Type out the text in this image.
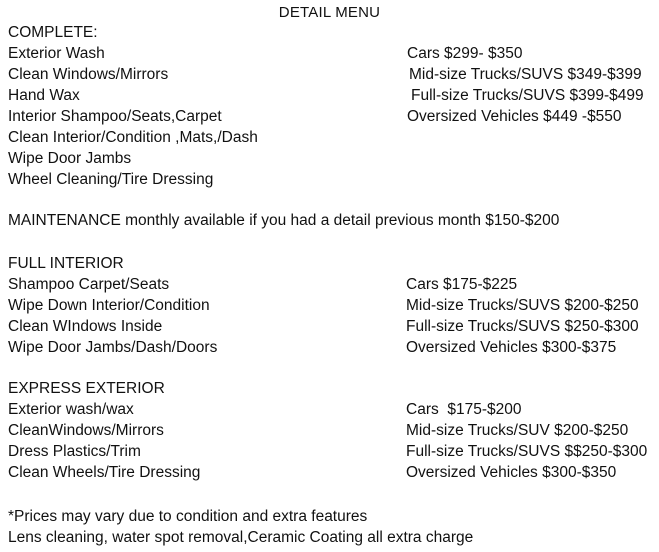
DETAIL MENU
COMPLETE:
Exterior Wash	Cars $299- $350
Clean Windows/Mirrors	Mid-size Trucks/SUVS $349-$399
Hand Wax	Full-size Trucks/SUVS $399-$499
Interior Shampoo/Seats,Carpet	Oversized Vehicles $449 -$550
Clean Interior/Condition ,Mats,/Dash
Wipe Door Jambs
Wheel Cleaning/Tire Dressing
MAINTENANCE monthly available if you had a detail previous month $150-$200
FULL INTERIOR
Shampoo Carpet/Seats	Cars $175-$225
Wipe Down Interior/Condition	Mid-size Trucks/SUVS $200-$250
Clean WIndows Inside	Full-size Trucks/SUVS $250-$300
Wipe Door Jambs/Dash/Doors	Oversized Vehicles $300-$375
EXPRESS EXTERIOR
Exterior wash/wax	Cars  $175-$200
CleanWindows/Mirrors	Mid-size Trucks/SUV $200-$250
Dress Plastics/Trim	Full-size Trucks/SUVS $$250-$300
Clean Wheels/Tire Dressing	Oversized Vehicles $300-$350
*Prices may vary due to condition and extra features
Lens cleaning, water spot removal,Ceramic Coating all extra charge
